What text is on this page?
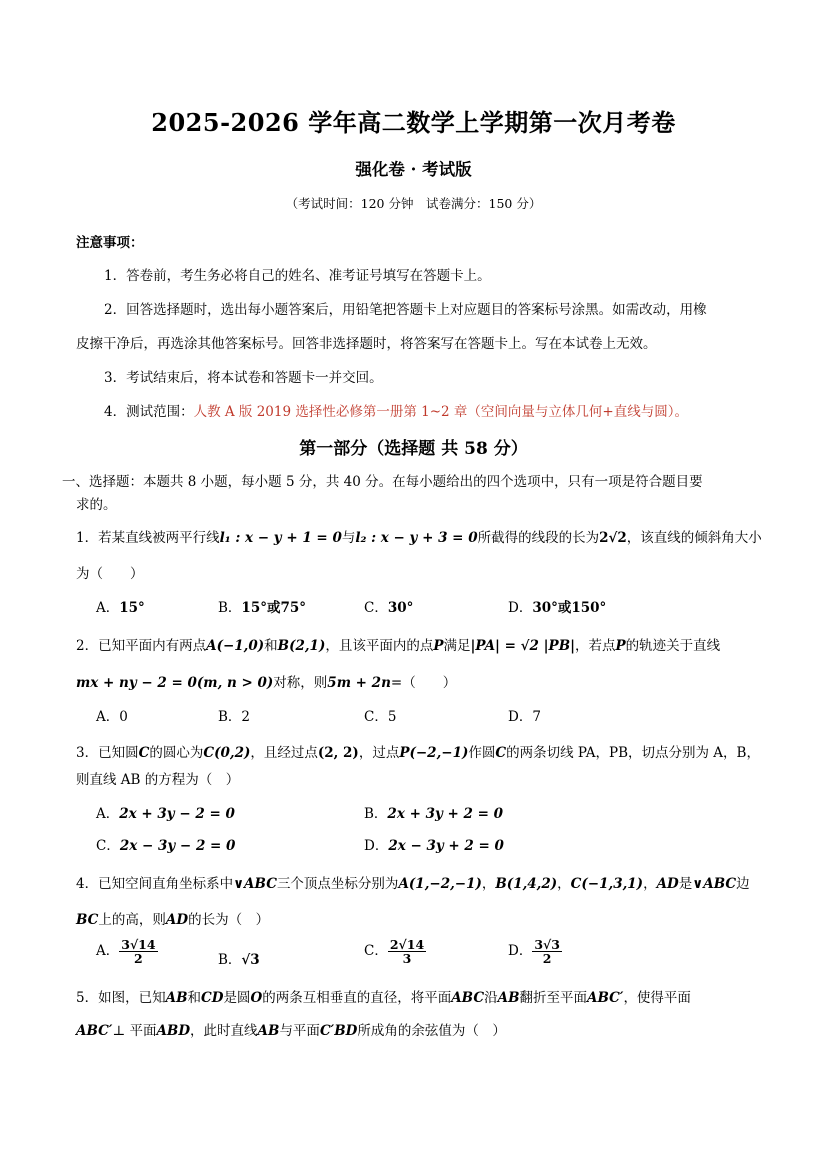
2025-2026 学年高二数学上学期第一次月考卷
强化卷 · 考试版
（考试时间：120 分钟　试卷满分：150 分）
注意事项：
1．答卷前，考生务必将自己的姓名、准考证号填写在答题卡上。
2．回答选择题时，选出每小题答案后，用铅笔把答题卡上对应题目的答案标号涂黑。如需改动，用橡
皮擦干净后，再选涂其他答案标号。回答非选择题时，将答案写在答题卡上。写在本试卷上无效。
3．考试结束后，将本试卷和答题卡一并交回。
4．测试范围：人教 A 版 2019 选择性必修第一册第 1~2 章（空间向量与立体几何+直线与圆）。
第一部分（选择题 共 58 分）
一、选择题：本题共 8 小题，每小题 5 分，共 40 分。在每小题给出的四个选项中，只有一项是符合题目要
求的。
1．若某直线被两平行线l₁ : x − y + 1 = 0与l₂ : x − y + 3 = 0所截得的线段的长为2√2，该直线的倾斜角大小
为（　　）
A．15°	B．15°或75°	C．30°	D．30°或150°
2．已知平面内有两点A(−1,0)和B(2,1)，且该平面内的点P满足|PA| = √2 |PB|，若点P的轨迹关于直线
mx + ny − 2 = 0(m, n > 0)对称，则5m + 2n=（　　）
A．0	B．2	C．5	D．7
3．已知圆C的圆心为C(0,2)，且经过点(2, 2)，过点P(−2,−1)作圆C的两条切线 PA，PB，切点分别为 A，B，
则直线 AB 的方程为（　）
A．2x + 3y − 2 = 0	B．2x + 3y + 2 = 0
C．2x − 3y − 2 = 0	D．2x − 3y + 2 = 0
4．已知空间直角坐标系中∨ABC三个顶点坐标分别为A(1,−2,−1)，B(1,4,2)，C(−1,3,1)，AD是∨ABC边
BC上的高，则AD的长为（　）
A． $\frac{3√14}{2}$	B．√3
C． $\frac{2√14}{3}$	D． $\frac{3√3}{2}$
5．如图，已知AB和CD是圆O的两条互相垂直的直径，将平面ABC沿AB翻折至平面ABC′，使得平面
ABC′⊥ 平面ABD，此时直线AB与平面C′BD所成角的余弦值为（　）
